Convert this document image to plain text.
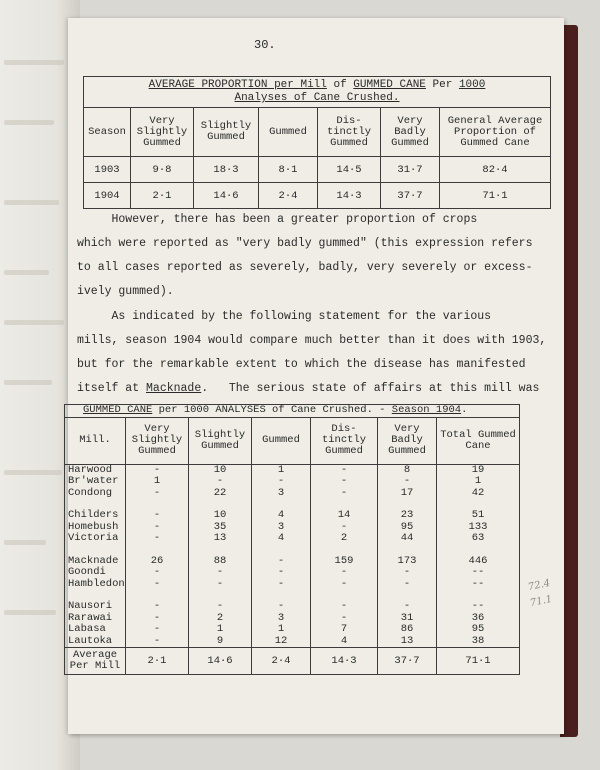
30.
AVERAGE PROPORTION per Mill of GUMMED CANE Per 1000
Analyses of Cane Crushed.						
Season	Very Slightly Gummed	Slightly Gummed	Gummed	Dis- tinctly Gummed	Very Badly Gummed	General Average Proportion of Gummed Cane
1903	9·8	18·3	8·1	14·5	31·7	82·4
1904	2·1	14·6	2·4	14·3	37·7	71·1
However, there has been a greater proportion of crops
which were reported as "very badly gummed" (this expression refers
to all cases reported as severely, badly, very severely or excess-
ively gummed).
As indicated by the following statement for the various
mills, season 1904 would compare much better than it does with 1903,
but for the remarkable extent to which the disease has manifested
itself at Macknade.   The serious state of affairs at this mill was
GUMMED CANE per 1000 ANALYSES of Cane Crushed. - Season 1904.						
Mill.	Very Slightly Gummed	Slightly Gummed	Gummed	Dis- tinctly Gummed	Very Badly Gummed	Total Gummed Cane
Harwood	-	10	1	-	8	19
Br'water	1	-	-	-	-	1
Condong	-	22	3	-	17	42

Childers	-	10	4	14	23	51
Homebush	-	35	3	-	95	133
Victoria	-	13	4	2	44	63

Macknade	26	88	-	159	173	446
Goondi	-	-	-	-	-	--
Hambledon	-	-	-	-	-	--

Nausori	-	-	-	-	-	--
Rarawai	-	2	3	-	31	36
Labasa	-	1	1	7	86	95
Lautoka	-	9	12	4	13	38
Average Per Mill	2·1	14·6	2·4	14·3	37·7	71·1
72.4
71.1
